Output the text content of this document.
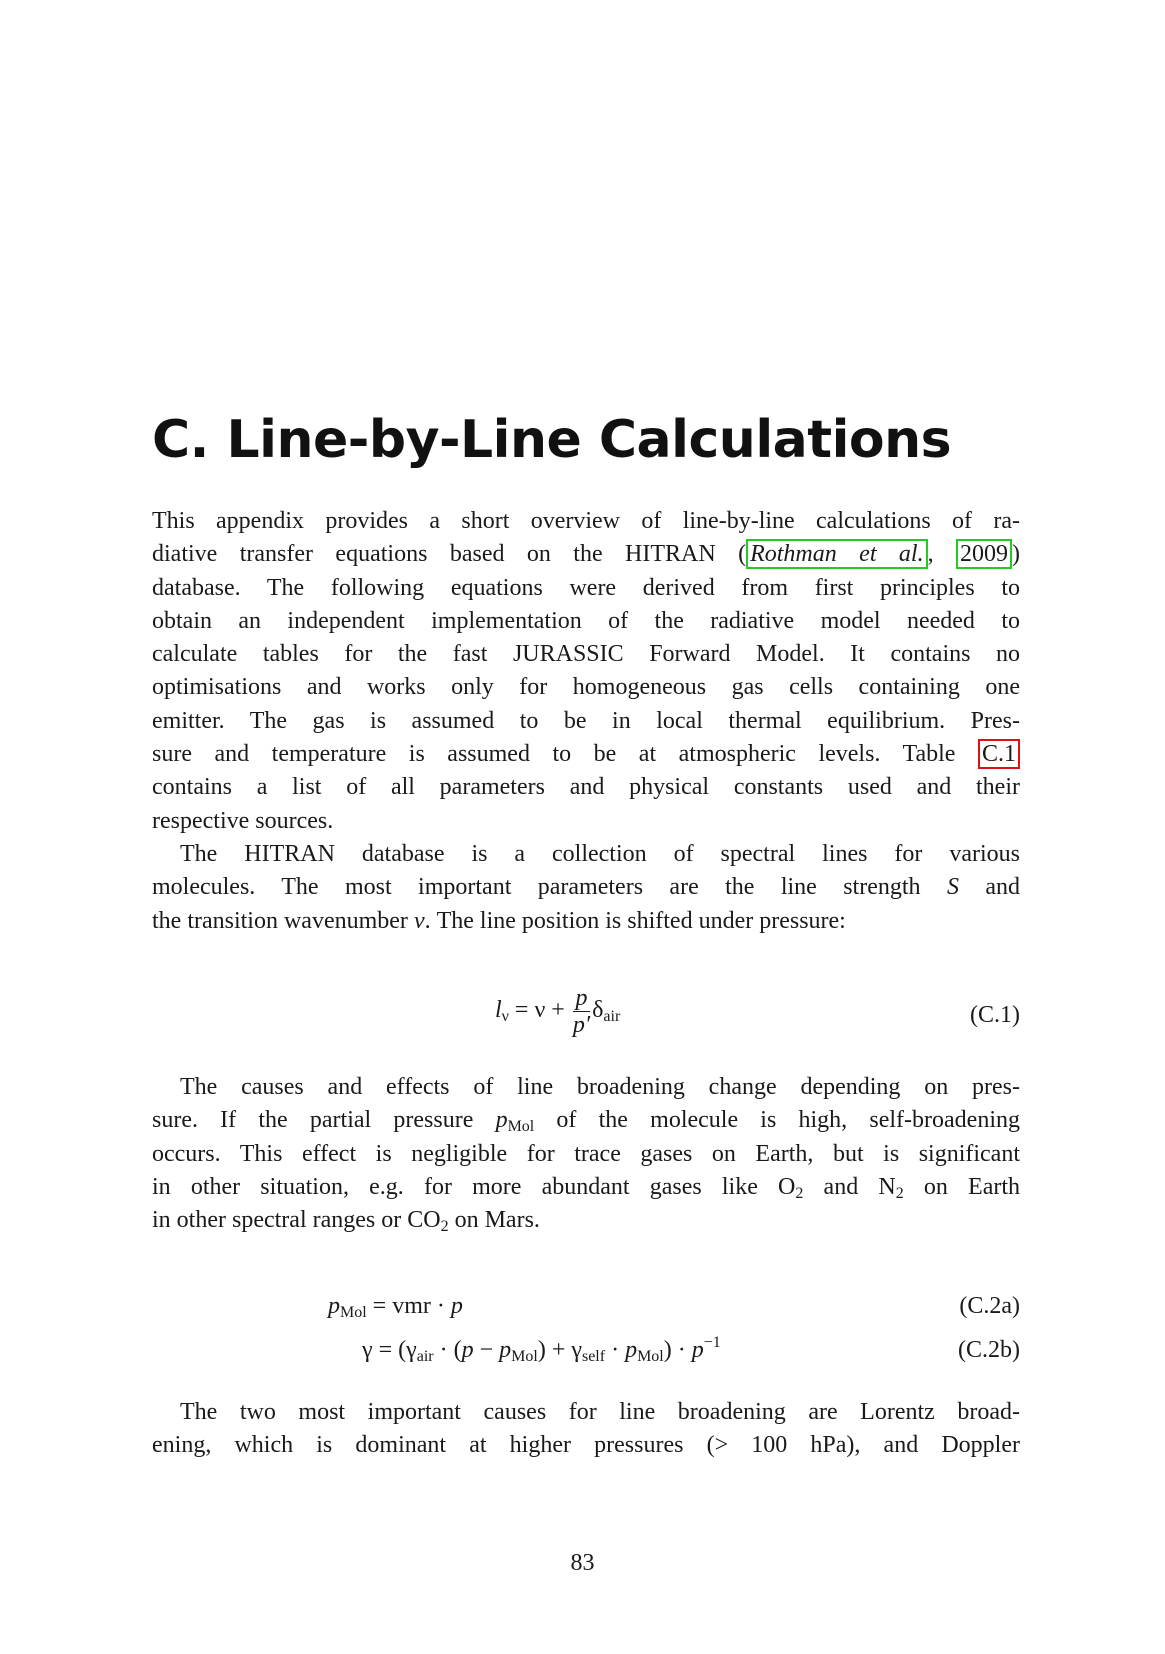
C. Line-by-Line Calculations
This appendix provides a short overview of line-by-line calculations of ra-
diative transfer equations based on the HITRAN ( Rothman et al. , 2009 )
database. The following equations were derived from first principles to
obtain an independent implementation of the radiative model needed to
calculate tables for the fast JURASSIC Forward Model. It contains no
optimisations and works only for homogeneous gas cells containing one
emitter. The gas is assumed to be in local thermal equilibrium. Pres-
sure and temperature is assumed to be at atmospheric levels. Table C.1
contains a list of all parameters and physical constants used and their
respective sources.
The HITRAN database is a collection of spectral lines for various
molecules. The most important parameters are the line strength S and
the transition wavenumber ν. The line position is shifted under pressure:
$l_\nu = \nu + \frac{p}{p'} \delta_{air}$	(C.1)
The causes and effects of line broadening change depending on pres-
sure. If the partial pressure $p_{Mol}$ of the molecule is high, self-broadening
occurs. This effect is negligible for trace gases on Earth, but is significant
in other situation, e.g. for more abundant gases like $O_2$ and $N_2$ on Earth
in other spectral ranges or $CO_2$ on Mars.
$p_{Mol}$ = vmr · p	(C.2a)
$\gamma = (\gamma_{air} \cdot (p - p_{Mol}) + \gamma_{self} \cdot p_{Mol}) \cdot p^{-1}$	(C.2b)
The two most important causes for line broadening are Lorentz broad-
ening, which is dominant at higher pressures (> 100 hPa), and Doppler
83
